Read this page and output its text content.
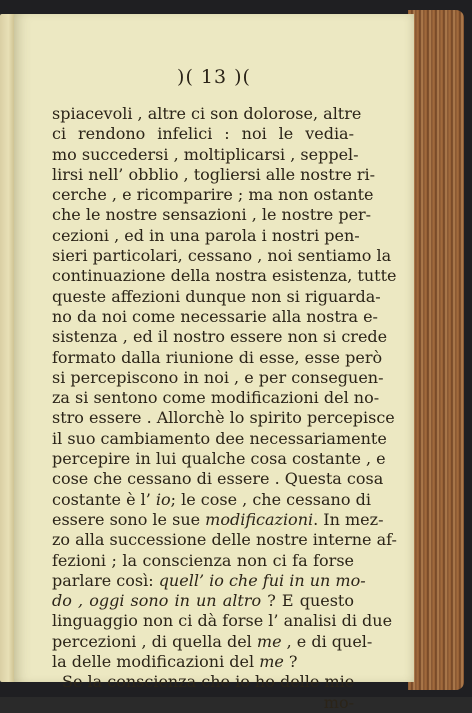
)( 13 )(
spiacevoli , altre ci son dolorose, altre
ci rendono infelici : noi le vedia-
mo succedersi , moltiplicarsi , seppel-
lirsi nell’ obblio , togliersi alle nostre ri-
cerche , e ricomparire ; ma non ostante
che le nostre sensazioni , le nostre per-
cezioni , ed in una parola i nostri pen-
sieri particolari, cessano , noi sentiamo la
continuazione della nostra esistenza, tutte
queste affezioni dunque non si riguarda-
no da noi come necessarie alla nostra e-
sistenza , ed il nostro essere non si crede
formato dalla riunione di esse, esse però
si percepiscono in noi , e per conseguen-
za si sentono come modificazioni del no-
stro essere . Allorchè lo spirito percepisce
il suo cambiamento dee necessariamente
percepire in lui qualche cosa costante , e
cose che cessano di essere . Questa cosa
costante è l’ io; le cose , che cessano di
essere sono le sue modificazioni. In mez-
zo alla successione delle nostre interne af-
fezioni ; la conscienza non ci fa forse
parlare così: quell’ io che fui in un mo-
do , oggi sono in un altro ? E questo
linguaggio non ci dà forse l’ analisi di due
percezioni , di quella del me , e di quel-
la delle modificazioni del me ?
Se la conscienza che io ho delle mie
mo-
